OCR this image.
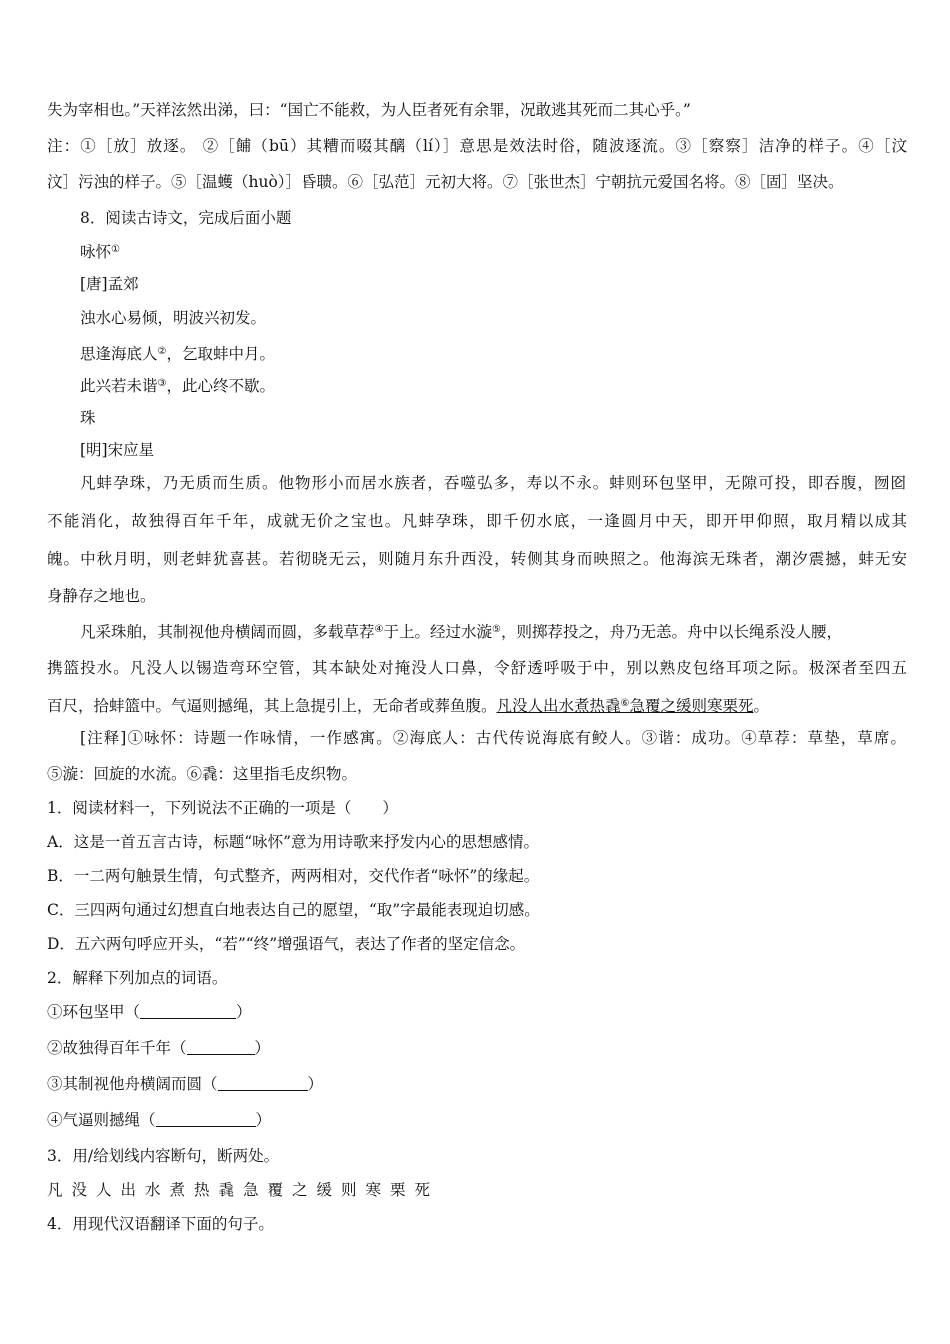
失为宰相也。”天祥泫然出涕，曰：“国亡不能救，为人臣者死有余罪，况敢逃其死而二其心乎。”
注：①［放］放逐。 ②［餔（bū）其糟而啜其醨（lí）］意思是效法时俗，随波逐流。③［察察］洁净的样子。④［汶
汶］污浊的样子。⑤［温蠖（huò）］昏聩。⑥［弘范］元初大将。⑦［张世杰］宁朝抗元爱国名将。⑧［固］坚决。
8．阅读古诗文，完成后面小题
咏怀①
[唐]孟郊
浊水心易倾，明波兴初发。
思逢海底人②，乞取蚌中月。
此兴若未谐③，此心终不歇。
珠
[明]宋应星
凡蚌孕珠，乃无质而生质。他物形小而居水族者，吞噬弘多，寿以不永。蚌则环包坚甲，无隙可投，即吞腹，囫囵
不能消化，故独得百年千年，成就无价之宝也。凡蚌孕珠，即千仞水底，一逢圆月中天，即开甲仰照，取月精以成其
魄。中秋月明，则老蚌犹喜甚。若彻晓无云，则随月东升西没，转侧其身而映照之。他海滨无珠者，潮汐震撼，蚌无安
身静存之地也。
凡采珠舶，其制视他舟横阔而圆，多载草荐④于上。经过水漩⑤，则掷荐投之，舟乃无恙。舟中以长绳系没人腰，
携篮投水。凡没人以锡造弯环空管，其本缺处对掩没人口鼻，令舒透呼吸于中，别以熟皮包络耳项之际。极深者至四五
百尺，拾蚌篮中。气逼则撼绳，其上急提引上，无命者或葬鱼腹。凡没人出水煮热毳⑥急覆之缓则寒栗死。
[注释]①咏怀：诗题一作咏情，一作感寓。②海底人：古代传说海底有鲛人。③谐：成功。④草荐：草垫，草席。
⑤漩：回旋的水流。⑥毳：这里指毛皮织物。
1．阅读材料一，下列说法不正确的一项是（　　）
A．这是一首五言古诗，标题“咏怀”意为用诗歌来抒发内心的思想感情。
B．一二两句触景生情，句式整齐，两两相对，交代作者“咏怀”的缘起。
C．三四两句通过幻想直白地表达自己的愿望，“取”字最能表现迫切感。
D．五六两句呼应开头，“若”“终”增强语气，表达了作者的坚定信念。
2．解释下列加点的词语。
①环包坚甲（	）
②故独得百年千年（	）
③其制视他舟横阔而圆（	）
④气逼则撼绳（	）
3．用/给划线内容断句，断两处。
凡没人出水煮热毳急覆之缓则寒栗死
4．用现代汉语翻译下面的句子。
